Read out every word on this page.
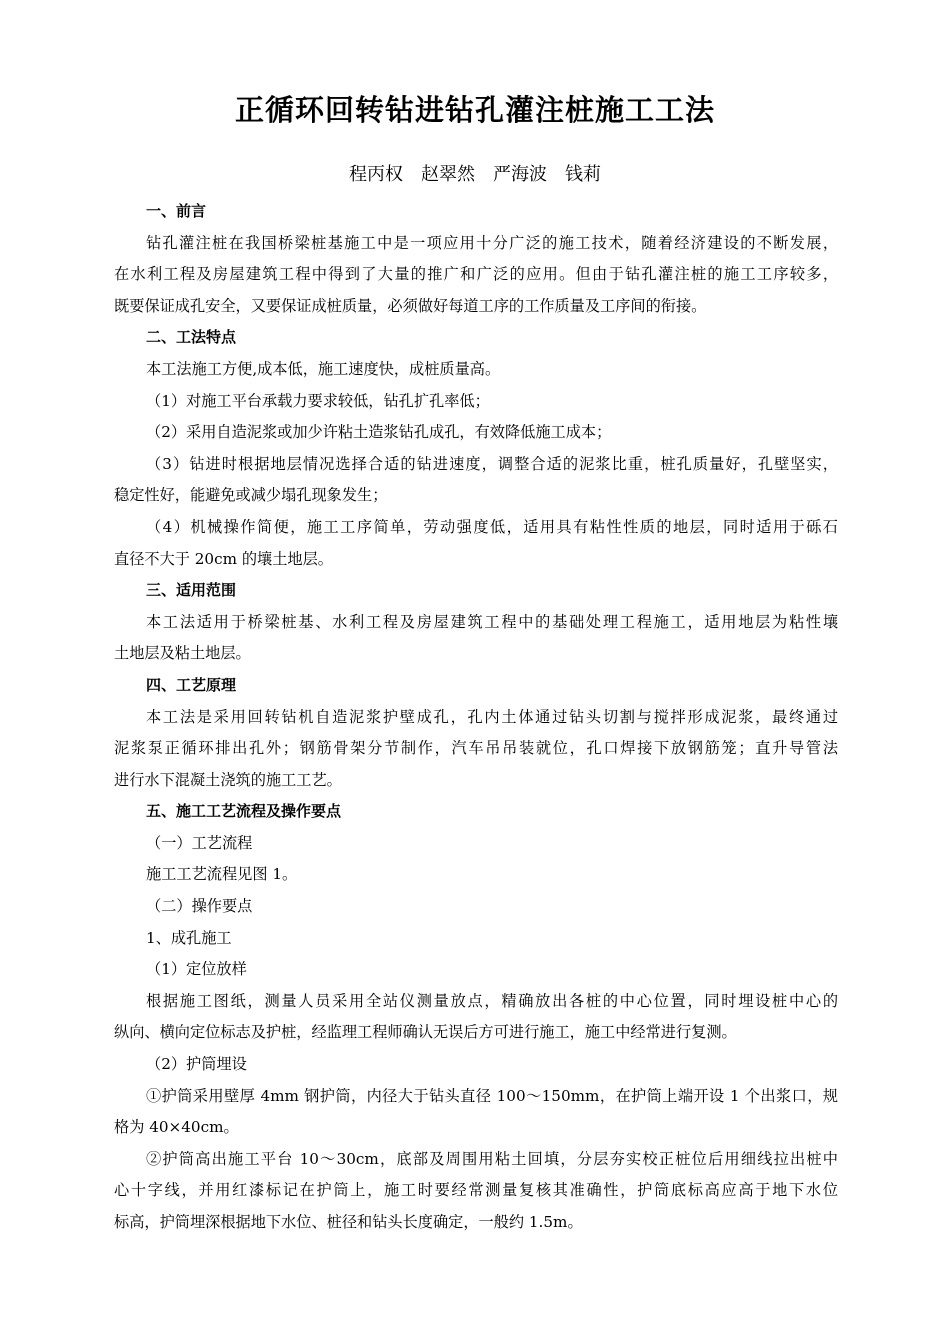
正循环回转钻进钻孔灌注桩施工工法
程丙权　赵翠然　严海波　钱莉
一、前言
钻孔灌注桩在我国桥梁桩基施工中是一项应用十分广泛的施工技术，随着经济建设的不断发展，
在水利工程及房屋建筑工程中得到了大量的推广和广泛的应用。但由于钻孔灌注桩的施工工序较多，
既要保证成孔安全，又要保证成桩质量，必须做好每道工序的工作质量及工序间的衔接。
二、工法特点
本工法施工方便,成本低，施工速度快，成桩质量高。
（1）对施工平台承载力要求较低，钻孔扩孔率低；
（2）采用自造泥浆或加少许粘土造浆钻孔成孔，有效降低施工成本；
（3）钻进时根据地层情况选择合适的钻进速度，调整合适的泥浆比重，桩孔质量好，孔壁坚实，
稳定性好，能避免或减少塌孔现象发生；
（4）机械操作简便，施工工序简单，劳动强度低，适用具有粘性性质的地层，同时适用于砾石
直径不大于 20cm 的壤土地层。
三、适用范围
本工法适用于桥梁桩基、水利工程及房屋建筑工程中的基础处理工程施工，适用地层为粘性壤
土地层及粘土地层。
四、工艺原理
本工法是采用回转钻机自造泥浆护壁成孔，孔内土体通过钻头切割与搅拌形成泥浆，最终通过
泥浆泵正循环排出孔外；钢筋骨架分节制作，汽车吊吊装就位，孔口焊接下放钢筋笼；直升导管法
进行水下混凝土浇筑的施工工艺。
五、施工工艺流程及操作要点
（一）工艺流程
施工工艺流程见图 1。
（二）操作要点
1、成孔施工
（1）定位放样
根据施工图纸，测量人员采用全站仪测量放点，精确放出各桩的中心位置，同时埋设桩中心的
纵向、横向定位标志及护桩，经监理工程师确认无误后方可进行施工，施工中经常进行复测。
（2）护筒埋设
①护筒采用壁厚 4mm 钢护筒，内径大于钻头直径 100～150mm，在护筒上端开设 1 个出浆口，规
格为 40×40cm。
②护筒高出施工平台 10～30cm，底部及周围用粘土回填，分层夯实校正桩位后用细线拉出桩中
心十字线，并用红漆标记在护筒上，施工时要经常测量复核其准确性，护筒底标高应高于地下水位
标高，护筒埋深根据地下水位、桩径和钻头长度确定，一般约 1.5m。
